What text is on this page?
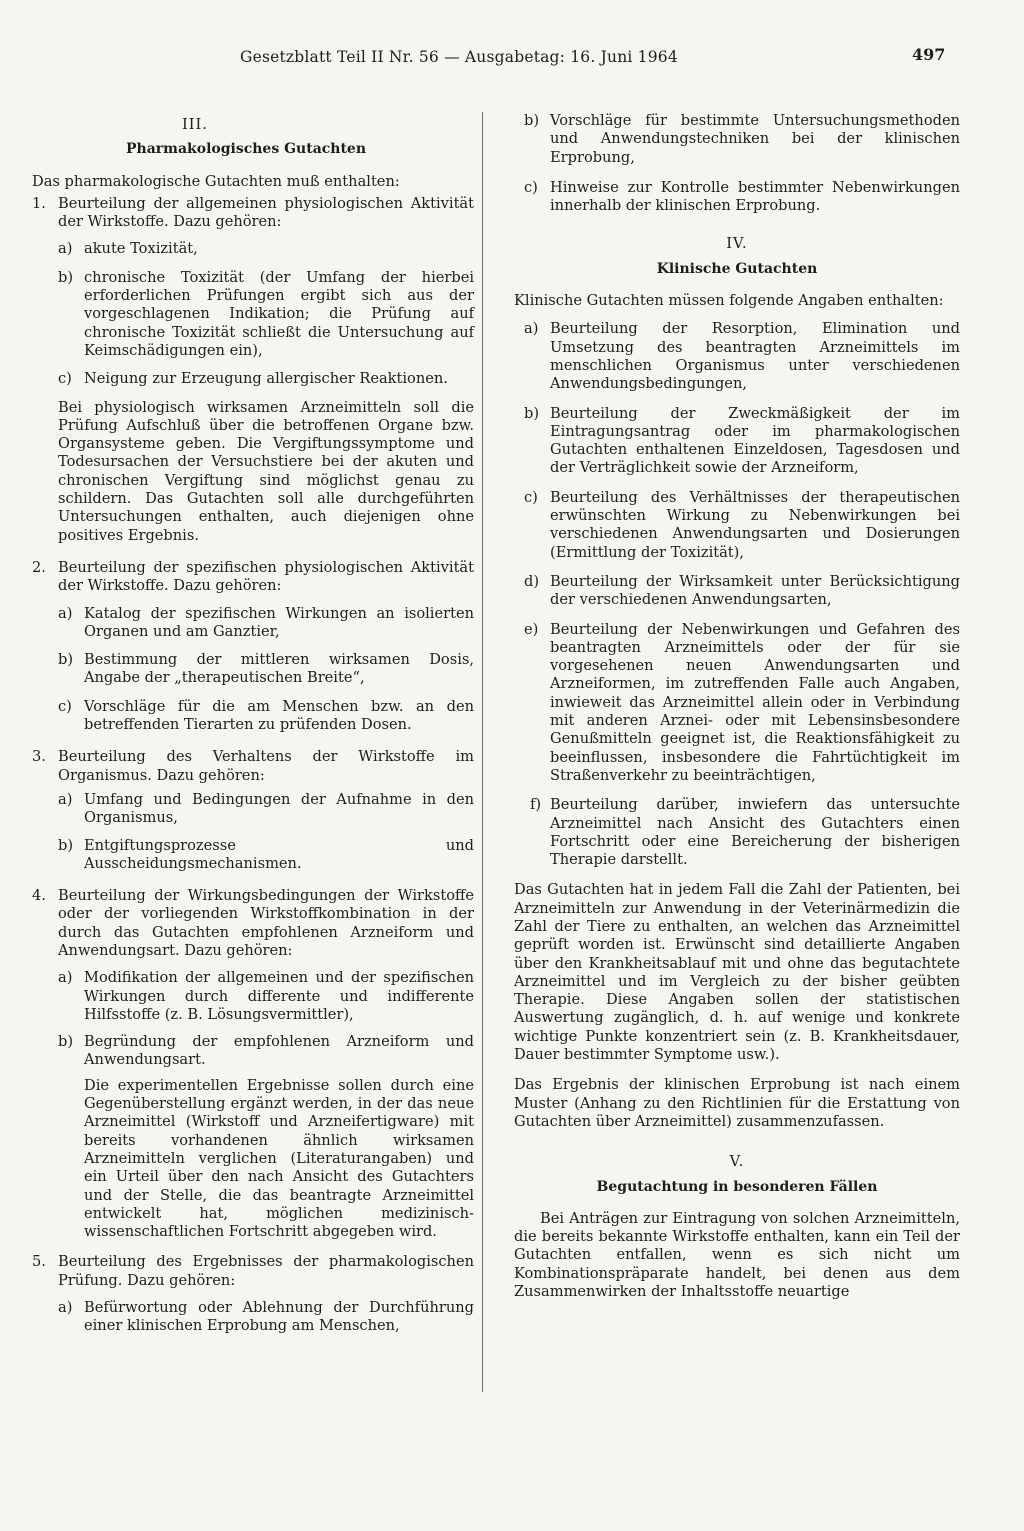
Gesetzblatt Teil II Nr. 56 — Ausgabetag: 16. Juni 1964	497

III.

Pharmakologisches Gutachten

Das pharmakologische Gutachten muß enthalten:

1. Beurteilung der allgemeinen physiologischen Aktivität der Wirkstoffe. Dazu gehören:
a) akute Toxizität,
b) chronische Toxizität (der Umfang der hierbei erforderlichen Prüfungen ergibt sich aus der vorgeschlagenen Indikation; die Prüfung auf chronische Toxizität schließt die Untersuchung auf Keimschädigungen ein),
c) Neigung zur Erzeugung allergischer Reaktionen.

Bei physiologisch wirksamen Arzneimitteln soll die Prüfung Aufschluß über die betroffenen Organe bzw. Organsysteme geben. Die Vergiftungssymptome und Todesursachen der Versuchstiere bei der akuten und chronischen Vergiftung sind möglichst genau zu schildern. Das Gutachten soll alle durchgeführten Untersuchungen enthalten, auch diejenigen ohne positives Ergebnis.

2. Beurteilung der spezifischen physiologischen Aktivität der Wirkstoffe. Dazu gehören:
a) Katalog der spezifischen Wirkungen an isolierten Organen und am Ganztier,
b) Bestimmung der mittleren wirksamen Dosis, Angabe der „therapeutischen Breite“,
c) Vorschläge für die am Menschen bzw. an den betreffenden Tierarten zu prüfenden Dosen.
3. Beurteilung des Verhaltens der Wirkstoffe im Organismus. Dazu gehören:
a) Umfang und Bedingungen der Aufnahme in den Organismus,
b) Entgiftungsprozesse und Ausscheidungsmechanismen.
4. Beurteilung der Wirkungsbedingungen der Wirkstoffe oder der vorliegenden Wirkstoffkombination in der durch das Gutachten empfohlenen Arzneiform und Anwendungsart. Dazu gehören:
a) Modifikation der allgemeinen und der spezifischen Wirkungen durch differente und indifferente Hilfsstoffe (z. B. Lösungsvermittler),
b) Begründung der empfohlenen Arzneiform und Anwendungsart.

Die experimentellen Ergebnisse sollen durch eine Gegenüberstellung ergänzt werden, in der das neue Arzneimittel (Wirkstoff und Arzneifertigware) mit bereits vorhandenen ähnlich wirksamen Arzneimitteln verglichen (Literaturangaben) und ein Urteil über den nach Ansicht des Gutachters und der Stelle, die das beantragte Arzneimittel entwickelt hat, möglichen medizinisch-wissenschaftlichen Fortschritt abgegeben wird.

5. Beurteilung des Ergebnisses der pharmakologischen Prüfung. Dazu gehören:
a) Befürwortung oder Ablehnung der Durchführung einer klinischen Erprobung am Menschen,
b) Vorschläge für bestimmte Untersuchungsmethoden und Anwendungstechniken bei der klinischen Erprobung,
c) Hinweise zur Kontrolle bestimmter Nebenwirkungen innerhalb der klinischen Erprobung.

IV.

Klinische Gutachten

Klinische Gutachten müssen folgende Angaben enthalten:

a) Beurteilung der Resorption, Elimination und Umsetzung des beantragten Arzneimittels im menschlichen Organismus unter verschiedenen Anwendungsbedingungen,
b) Beurteilung der Zweckmäßigkeit der im Eintragungsantrag oder im pharmakologischen Gutachten enthaltenen Einzeldosen, Tagesdosen und der Verträglichkeit sowie der Arzneiform,
c) Beurteilung des Verhältnisses der therapeutischen erwünschten Wirkung zu Nebenwirkungen bei verschiedenen Anwendungsarten und Dosierungen (Ermittlung der Toxizität),
d) Beurteilung der Wirksamkeit unter Berücksichtigung der verschiedenen Anwendungsarten,
e) Beurteilung der Nebenwirkungen und Gefahren des beantragten Arzneimittels oder der für sie vorgesehenen neuen Anwendungsarten und Arzneiformen, im zutreffenden Falle auch Angaben, inwieweit das Arzneimittel allein oder in Verbindung mit anderen Arznei- oder mit Lebensinsbesondere Genußmitteln geeignet ist, die Reaktionsfähigkeit zu beeinflussen, insbesondere die Fahrtüchtigkeit im Straßenverkehr zu beeinträchtigen,
f) Beurteilung darüber, inwiefern das untersuchte Arzneimittel nach Ansicht des Gutachters einen Fortschritt oder eine Bereicherung der bisherigen Therapie darstellt.

Das Gutachten hat in jedem Fall die Zahl der Patienten, bei Arzneimitteln zur Anwendung in der Veterinärmedizin die Zahl der Tiere zu enthalten, an welchen das Arzneimittel geprüft worden ist. Erwünscht sind detaillierte Angaben über den Krankheitsablauf mit und ohne das begutachtete Arzneimittel und im Vergleich zu der bisher geübten Therapie. Diese Angaben sollen der statistischen Auswertung zugänglich, d. h. auf wenige und konkrete wichtige Punkte konzentriert sein (z. B. Krankheitsdauer, Dauer bestimmter Symptome usw.).

Das Ergebnis der klinischen Erprobung ist nach einem Muster (Anhang zu den Richtlinien für die Erstattung von Gutachten über Arzneimittel) zusammenzufassen.

V.

Begutachtung in besonderen Fällen

Bei Anträgen zur Eintragung von solchen Arzneimitteln, die bereits bekannte Wirkstoffe enthalten, kann ein Teil der Gutachten entfallen, wenn es sich nicht um Kombinationspräparate handelt, bei denen aus dem Zusammenwirken der Inhaltsstoffe neuartige
